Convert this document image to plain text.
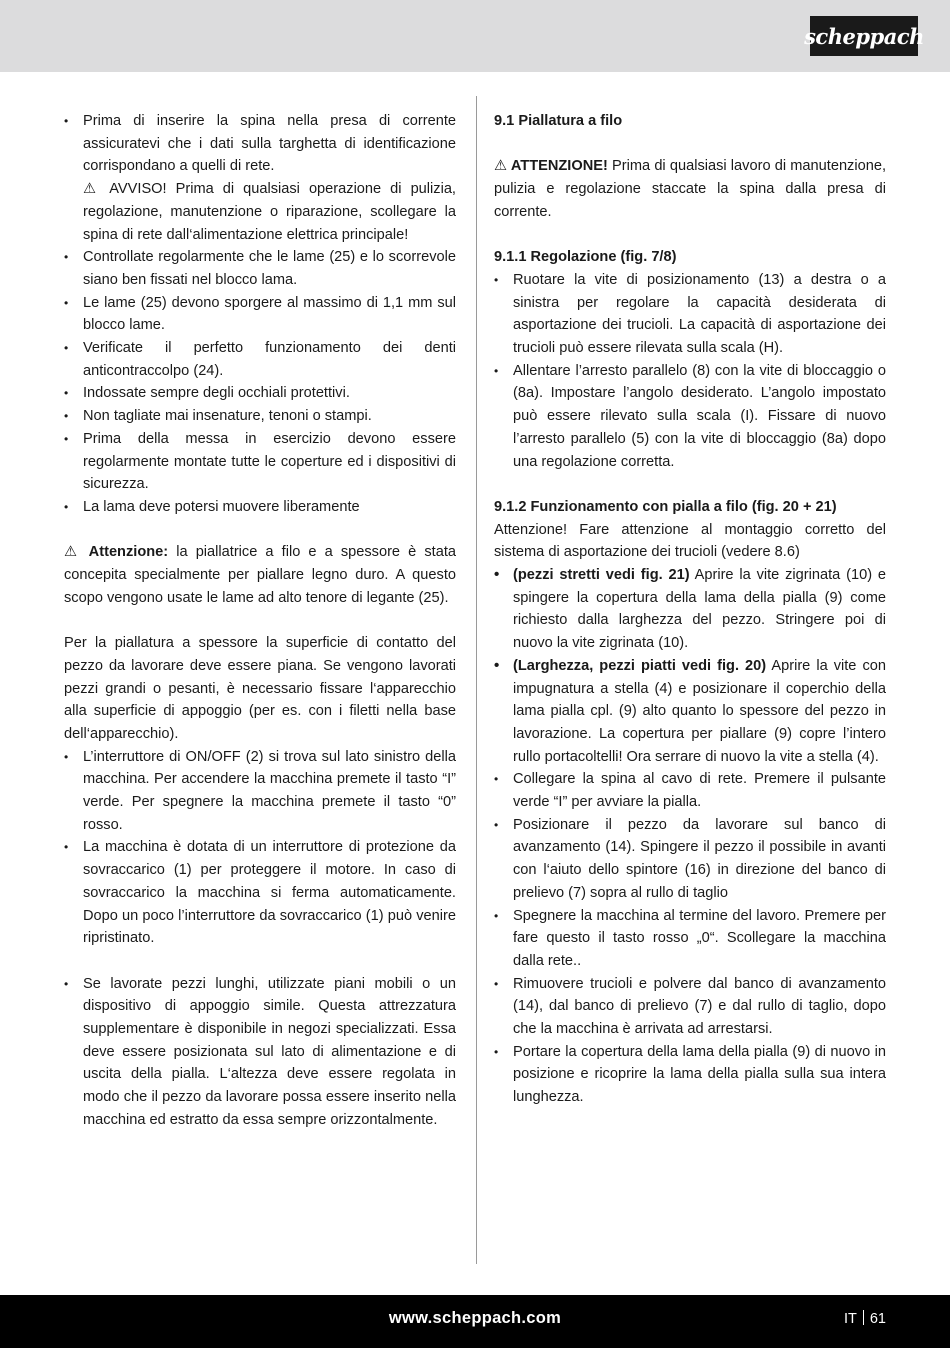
scheppach
• Prima di inserire la spina nella presa di corrente assicuratevi che i dati sulla targhetta di identificazione corrispondano a quelli di rete.

⚠ AVVISO! Prima di qualsiasi operazione di pulizia, regolazione, manutenzione o riparazione, scollegare la spina di rete dall‘alimentazione elettrica principale!

• Controllate regolarmente che le lame (25) e lo scorrevole siano ben fissati nel blocco lama.
• Le lame (25) devono sporgere al massimo di 1,1 mm sul blocco lame.
• Verificate il perfetto funzionamento dei denti anticontraccolpo (24).
• Indossate sempre degli occhiali protettivi.
• Non tagliate mai insenature, tenoni o stampi.
• Prima della messa in esercizio devono essere regolarmente montate tutte le coperture ed i dispositivi di sicurezza.
• La lama deve potersi muovere liberamente

⚠ Attenzione: la piallatrice a filo e a spessore è stata concepita specialmente per piallare legno duro. A questo scopo vengono usate le lame ad alto tenore di legante (25).

Per la piallatura a spessore la superficie di contatto del pezzo da lavorare deve essere piana. Se vengono lavorati pezzi grandi o pesanti, è necessario fissare l‘apparecchio alla superficie di appoggio (per es. con i filetti nella base dell‘apparecchio).

• L’interruttore di ON/OFF (2) si trova sul lato sinistro della macchina. Per accendere la macchina premete il tasto “I” verde. Per spegnere la macchina premete il tasto “0” rosso.
• La macchina è dotata di un interruttore di protezione da sovraccarico (1) per proteggere il motore. In caso di sovraccarico la macchina si ferma automaticamente. Dopo un poco l’interruttore da sovraccarico (1) può venire ripristinato.
• Se lavorate pezzi lunghi, utilizzate piani mobili o un dispositivo di appoggio simile. Questa attrezzatura supplementare è disponibile in negozi specializzati. Essa deve essere posizionata sul lato di alimentazione e di uscita della pialla. L‘altezza deve essere regolata in modo che il pezzo da lavorare possa essere inserito nella macchina ed estratto da essa sempre orizzontalmente.

9.1 Piallatura a filo

⚠ ATTENZIONE! Prima di qualsiasi lavoro di manutenzione, pulizia e regolazione staccate la spina dalla presa di corrente.

9.1.1 Regolazione (fig. 7/8)

• Ruotare la vite di posizionamento (13) a destra o a sinistra per regolare la capacità desiderata di asportazione dei trucioli. La capacità di asportazione dei trucioli può essere rilevata sulla scala (H).
• Allentare l’arresto parallelo (8) con la vite di bloccaggio o (8a). Impostare l’angolo desiderato. L’angolo impostato può essere rilevato sulla scala (I). Fissare di nuovo l’arresto parallelo (5) con la vite di bloccaggio (8a) dopo una regolazione corretta.

9.1.2 Funzionamento con pialla a filo (fig. 20 + 21)

Attenzione! Fare attenzione al montaggio corretto del sistema di asportazione dei trucioli (vedere 8.6)

• (pezzi stretti vedi fig. 21) Aprire la vite zigrinata (10) e spingere la copertura della lama della pialla (9) come richiesto dalla larghezza del pezzo. Stringere poi di nuovo la vite zigrinata (10).
• (Larghezza, pezzi piatti vedi fig. 20) Aprire la vite con impugnatura a stella (4) e posizionare il coperchio della lama pialla cpl. (9) alto quanto lo spessore del pezzo in lavorazione. La copertura per piallare (9) copre l’intero rullo portacoltelli! Ora serrare di nuovo la vite a stella (4).
• Collegare la spina al cavo di rete. Premere il pulsante verde “I” per avviare la pialla.
• Posizionare il pezzo da lavorare sul banco di avanzamento (14). Spingere il pezzo il possibile in avanti con l‘aiuto dello spintore (16) in direzione del banco di prelievo (7) sopra al rullo di taglio
• Spegnere la macchina al termine del lavoro. Premere per fare questo il tasto rosso „0“. Scollegare la macchina dalla rete..
• Rimuovere trucioli e polvere dal banco di avanzamento (14), dal banco di prelievo (7) e dal rullo di taglio, dopo che la macchina è arrivata ad arrestarsi.
• Portare la copertura della lama della pialla (9) di nuovo in posizione e ricoprire la lama della pialla sulla sua intera lunghezza.
www.scheppach.com	IT 61
